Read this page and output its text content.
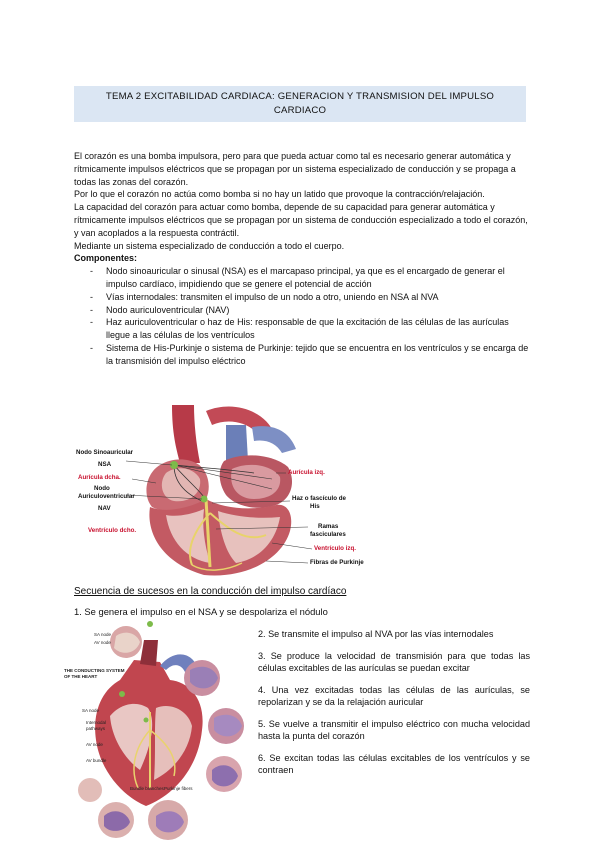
TEMA 2 EXCITABILIDAD CARDIACA: GENERACION Y TRANSMISION DEL IMPULSO
CARDIACO

El corazón es una bomba impulsora, pero para que pueda actuar como tal es necesario generar automática y rítmicamente impulsos eléctricos que se propagan por un sistema especializado de conducción y se propaga a todas las zonas del corazón.

Por lo que el corazón no actúa como bomba si no hay un latido que provoque la contracción/relajación.

La capacidad del corazón para actuar como bomba, depende de su capacidad para generar automática y rítmicamente impulsos eléctricos que se propagan por un sistema de conducción especializado a todo el corazón, y van acoplados a la respuesta contráctil.

Mediante un sistema especializado de conducción a todo el cuerpo.

Componentes:

- Nodo sinoauricular o sinusal (NSA) es el marcapaso principal, ya que es el encargado de generar el impulso cardíaco, impidiendo que se genere el potencial de acción
- Vías internodales: transmiten el impulso de un nodo a otro, uniendo en NSA al NVA
- Nodo auriculoventricular (NAV)
- Haz auriculoventricular o haz de His: responsable de que la excitación de las células de las aurículas llegue a las células de los ventrículos
- Sistema de His-Purkinje o sistema de Purkinje: tejido que se encuentra en los ventrículos y se encarga de la transmisión del impulso eléctrico
Nodo Sinoauricular
NSA
Aurícula dcha.
Nodo
Auriculoventricular
NAV
Ventrículo dcho.
Aurícula izq.
Haz o fascículo de
His
Ramas
fasciculares
Ventrículo izq.
Fibras de Purkinje
Secuencia de sucesos en la conducción del impulso cardíaco
1. Se genera el impulso en el NSA y se despolariza el nódulo
SA node
AV node
THE CONDUCTING SYSTEM
OF THE HEART
SA node
Internodal
pathways
AV node
AV bundle
Bundle branches Purkinje fibers

2. Se transmite el impulso al NVA por las vías internodales

3. Se produce la velocidad de transmisión para que todas las células excitables de las aurículas se puedan excitar

4. Una vez excitadas todas las células de las aurículas, se repolarizan y se da la relajación auricular

5. Se vuelve a transmitir el impulso eléctrico con mucha velocidad hasta la punta del corazón

6. Se excitan todas las células excitables de los ventrículos y se contraen
